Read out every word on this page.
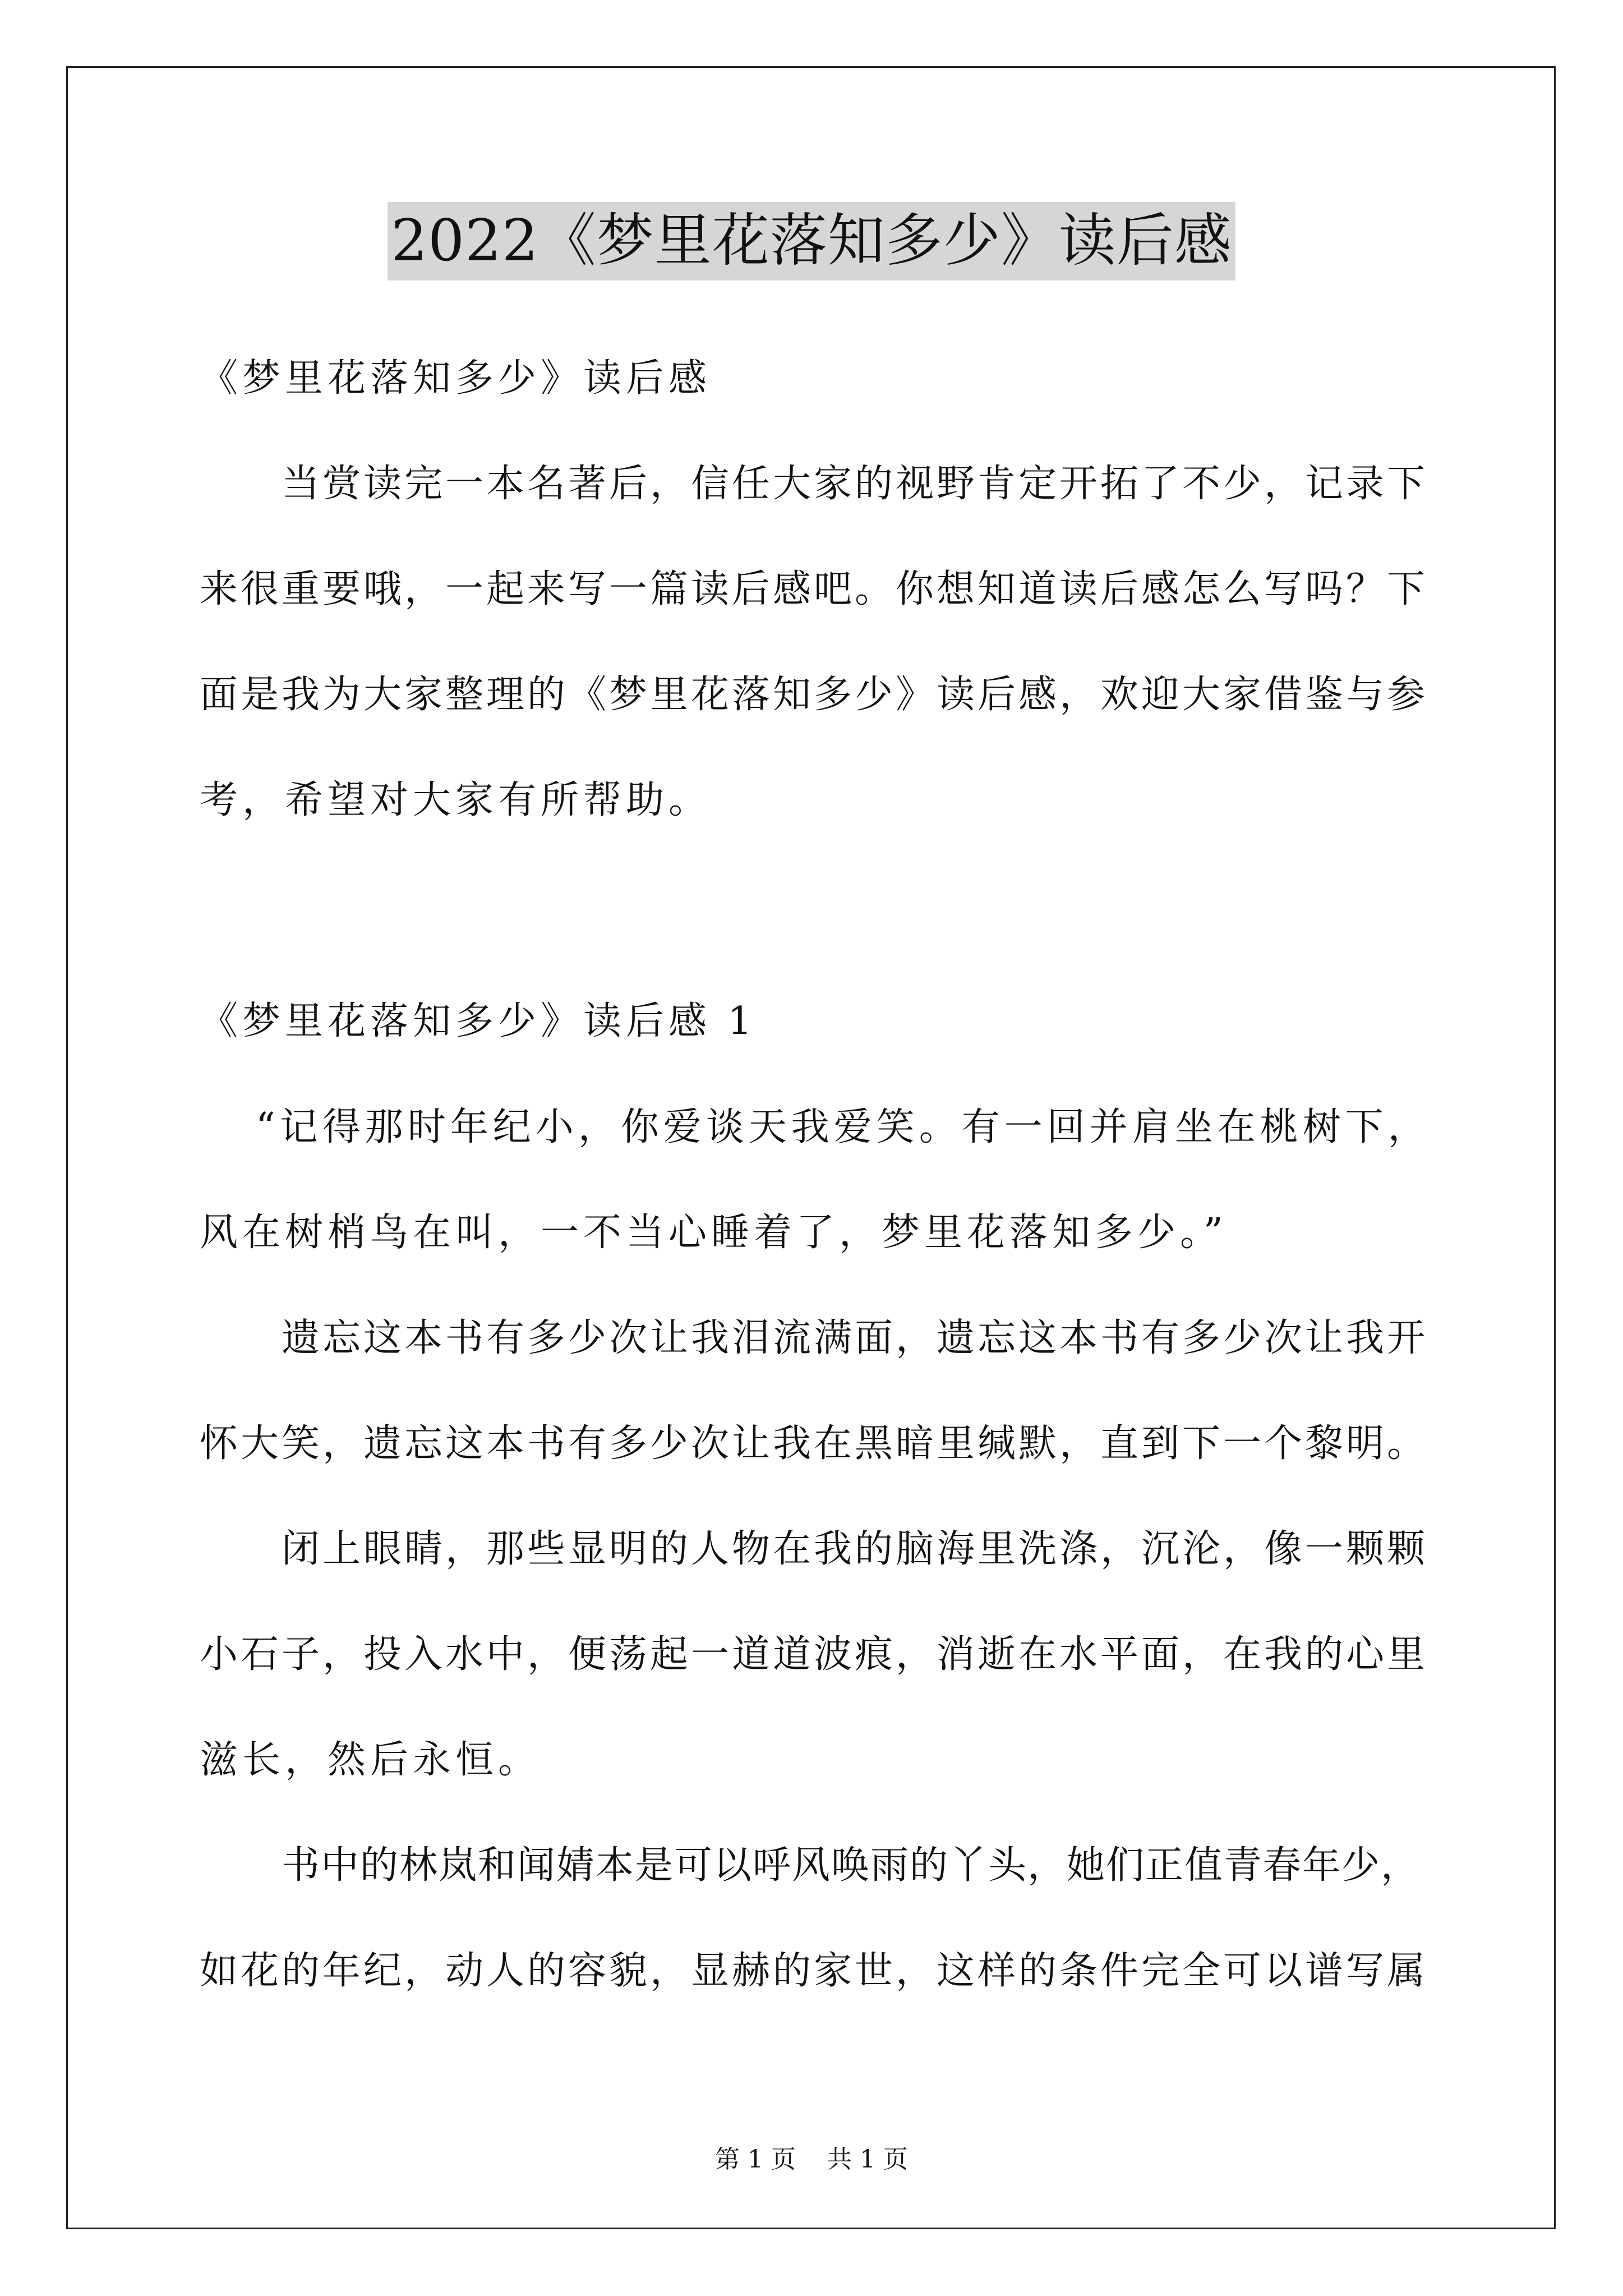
2022《梦里花落知多少》读后感
《梦里花落知多少》读后感
当赏读完一本名著后，信任大家的视野肯定开拓了不少，记录下
来很重要哦，一起来写一篇读后感吧。你想知道读后感怎么写吗？下
面是我为大家整理的《梦里花落知多少》读后感，欢迎大家借鉴与参
考，希望对大家有所帮助。
《梦里花落知多少》读后感 1
“记得那时年纪小，你爱谈天我爱笑。有一回并肩坐在桃树下，
风在树梢鸟在叫，一不当心睡着了，梦里花落知多少。”
遗忘这本书有多少次让我泪流满面，遗忘这本书有多少次让我开
怀大笑，遗忘这本书有多少次让我在黑暗里缄默，直到下一个黎明。
闭上眼睛，那些显明的人物在我的脑海里洗涤，沉沦，像一颗颗
小石子，投入水中，便荡起一道道波痕，消逝在水平面，在我的心里
滋长，然后永恒。
书中的林岚和闻婧本是可以呼风唤雨的丫头，她们正值青春年少，
如花的年纪，动人的容貌，显赫的家世，这样的条件完全可以谱写属
第 1 页    共 1 页
